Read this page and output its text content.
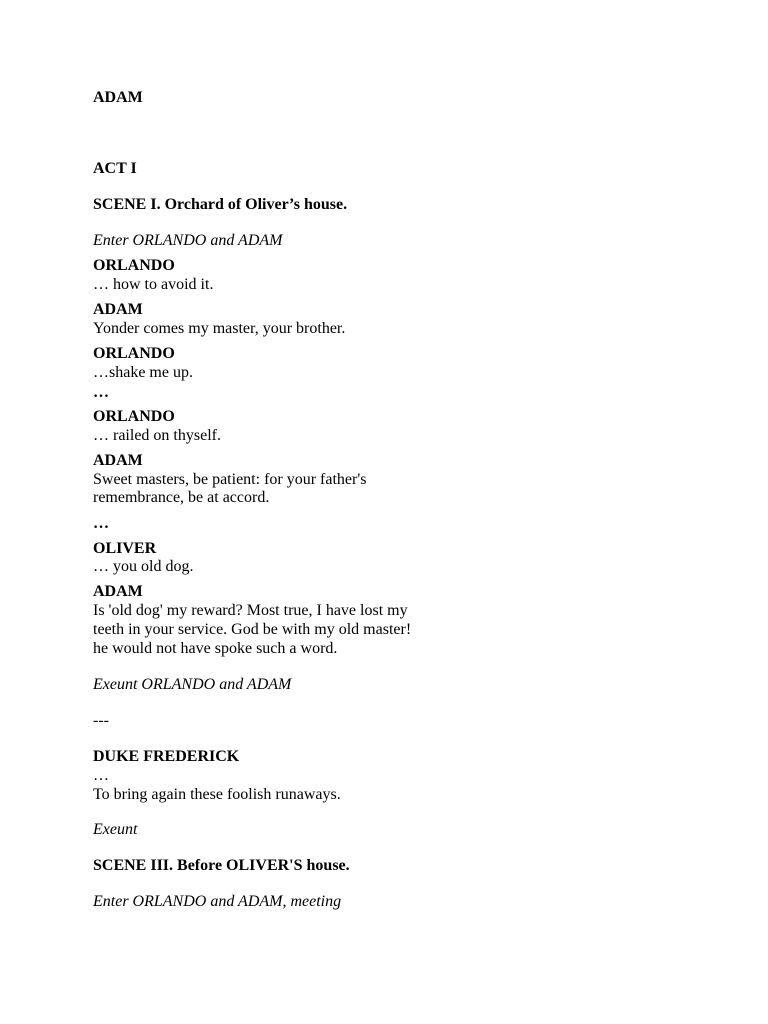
ADAM
ACT I
SCENE I. Orchard of Oliver’s house.
Enter ORLANDO and ADAM
ORLANDO
… how to avoid it.
ADAM
Yonder comes my master, your brother.
ORLANDO
…shake me up.
…
ORLANDO
… railed on thyself.
ADAM
Sweet masters, be patient: for your father's
remembrance, be at accord.
…
OLIVER
… you old dog.
ADAM
Is 'old dog' my reward? Most true, I have lost my
teeth in your service. God be with my old master!
he would not have spoke such a word.
Exeunt ORLANDO and ADAM
---
DUKE FREDERICK
…
To bring again these foolish runaways.
Exeunt
SCENE III. Before OLIVER'S house.
Enter ORLANDO and ADAM, meeting
